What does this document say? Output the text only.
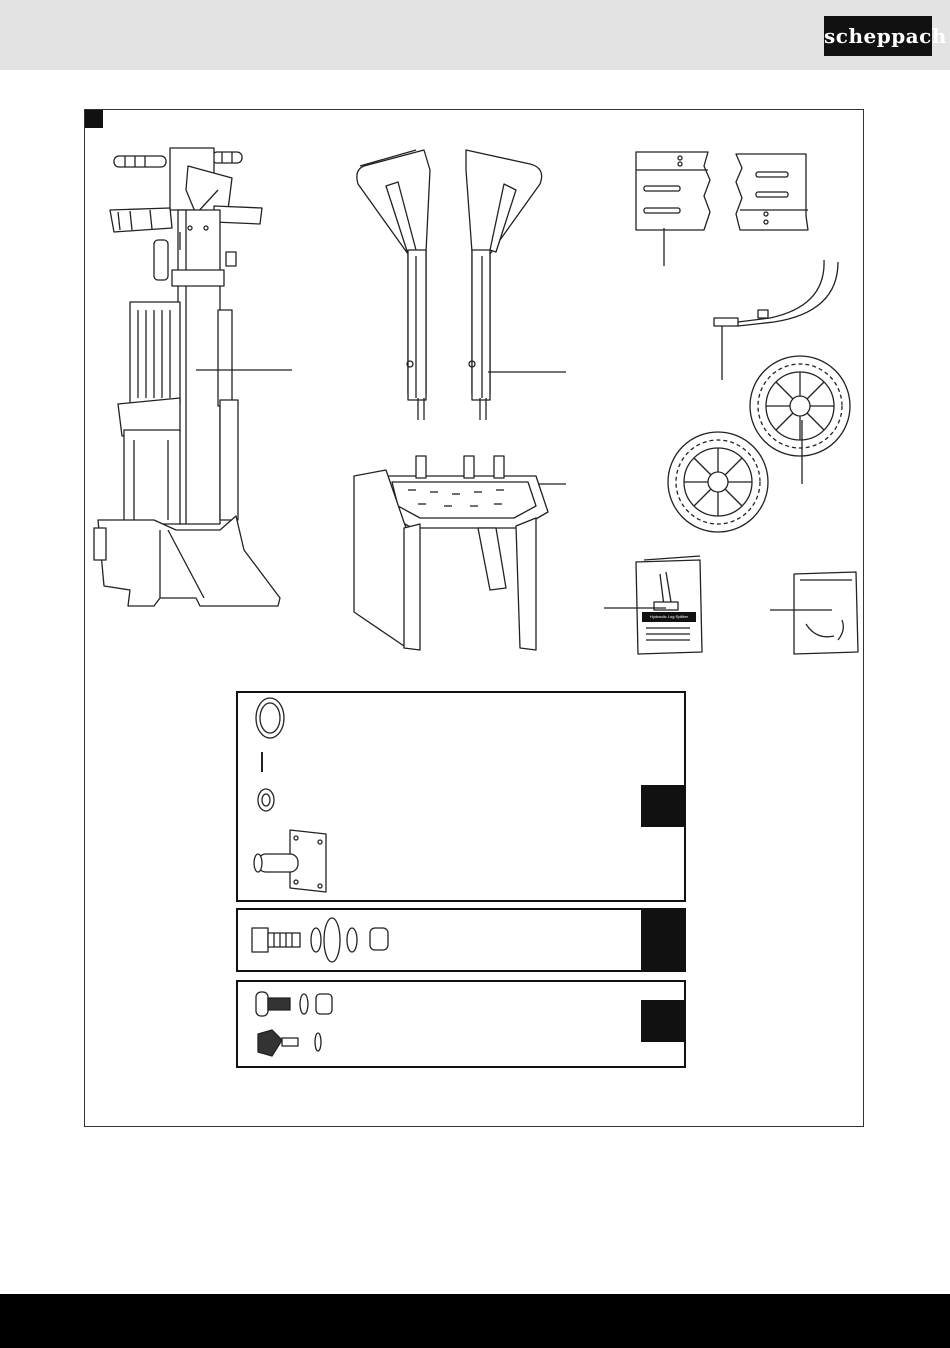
scheppach
Hydraulic Log Splitter
